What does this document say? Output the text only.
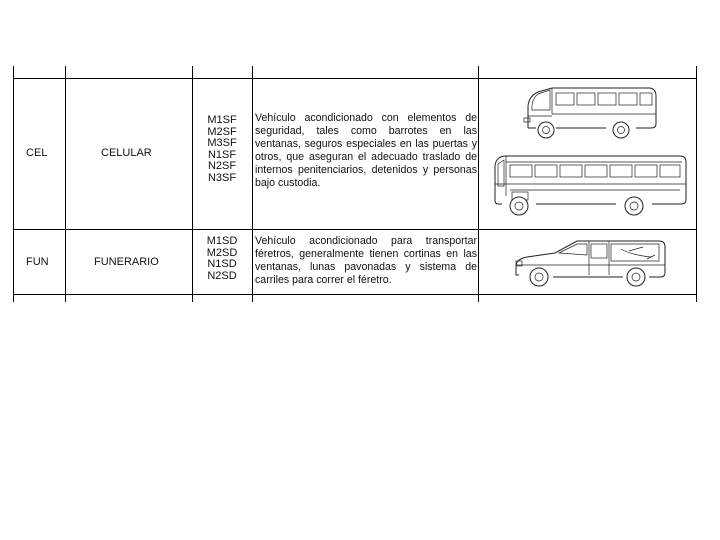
CEL	CELULAR
M1SF
M2SF
M3SF
N1SF
N2SF
N3SF
Vehículo acondicionado con elementos de seguridad, tales como barrotes en las ventanas, seguros especiales en las puertas y otros, que aseguran el adecuado traslado de internos penitenciarios, detenidos y personas bajo custodia.
FUN	FUNERARIO
M1SD
M2SD
N1SD
N2SD
Vehículo acondicionado para transportar féretros, generalmente tienen cortinas en las ventanas, lunas pavonadas y sistema de carriles para correr el féretro.
